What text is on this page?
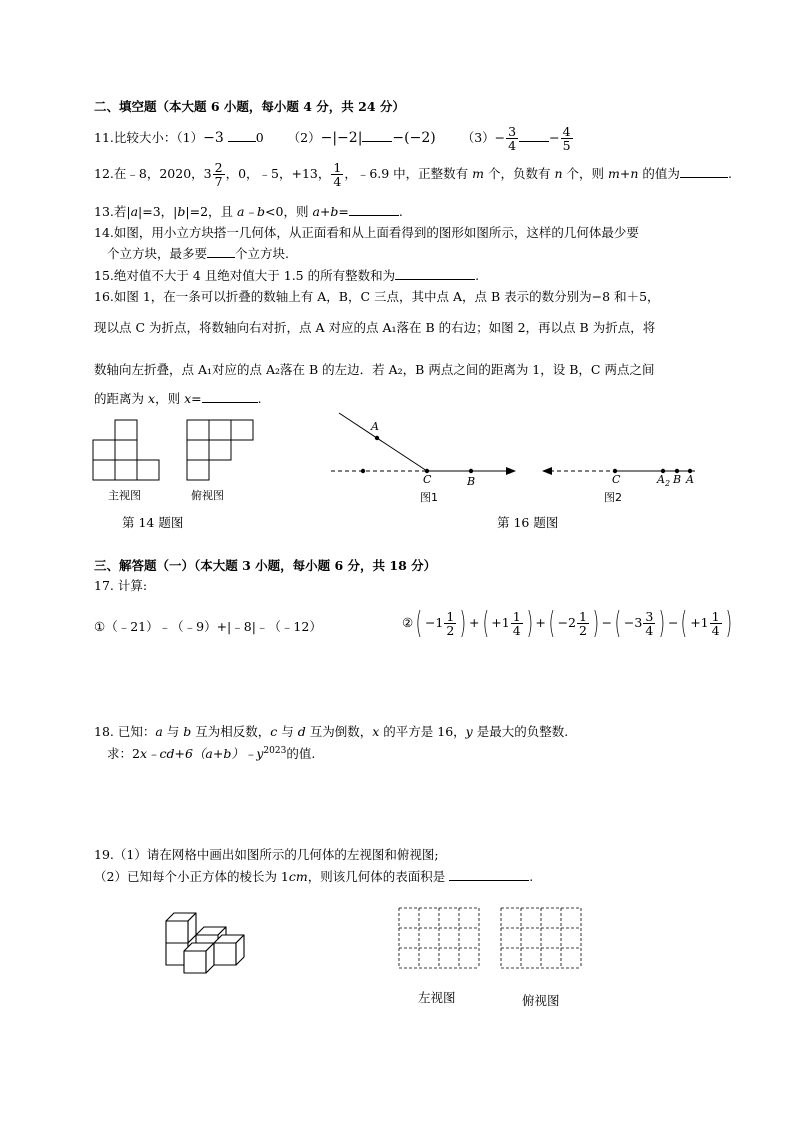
二、填空题（本大题 6 小题，每小题 4 分，共 24 分）
11.比较大小：（1）−3	0 （2）−|−2| −(−2) $(3)- \frac{3}{4} - \frac{4}{5}$
12.在﹣8，2020，$3 \frac{2}{7}$ ，0，﹣5，+13， $\frac{1}{4}$ ，﹣6.9 中，正整数有 m 个，负数有 n 个，则 m+n 的值为	.
13.若|a|=3，|b|=2，且 a﹣b<0，则 a+b=	.
14.如图，用小立方块搭一几何体，从正面看和从上面看得到的图形如图所示，这样的几何体最少要
个立方块，最多要 个立方块.
15.绝对值不大于 4 且绝对值大于 1.5 的所有整数和为	.
16.如图 1，在一条可以折叠的数轴上有 A，B，C 三点，其中点 A，点 B 表示的数分别为−8 和＋5，
现以点 C 为折点，将数轴向右对折，点 A 对应的点 A₁落在 B 的右边；如图 2，再以点 B 为折点，将
数轴向左折叠，点 A₁对应的点 A₂落在 B 的左边．若 A₂，B 两点之间的距离为 1，设 B，C 两点之间
的距离为 x，则 x=	.
主视图	俯视图
第 14 题图
A
C	B
图1
C	$A_2$ B A
图2
第 16 题图
三、解答题（一）（本大题 3 小题，每小题 6 分，共 18 分）
17. 计算:
①（﹣21）﹣（﹣9）+|﹣8|﹣（﹣12）	②( $-1 \frac{1}{2}$ ) +( $+1 \frac{1}{4}$ ) +( $-2 \frac{1}{2}$ ) −( $-3 \frac{3}{4}$ ) −( $+1 \frac{1}{4}$ )
18. 已知：a 与 b 互为相反数，c 与 d 互为倒数，x 的平方是 16，y 是最大的负整数.
求：$2x﹣cd+6(a+b)﹣y^{2023}$的值.
19.（1）请在网格中画出如图所示的几何体的左视图和俯视图;
（2）已知每个小正方体的棱长为 1cm，则该几何体的表面积是	.
左视图	俯视图
